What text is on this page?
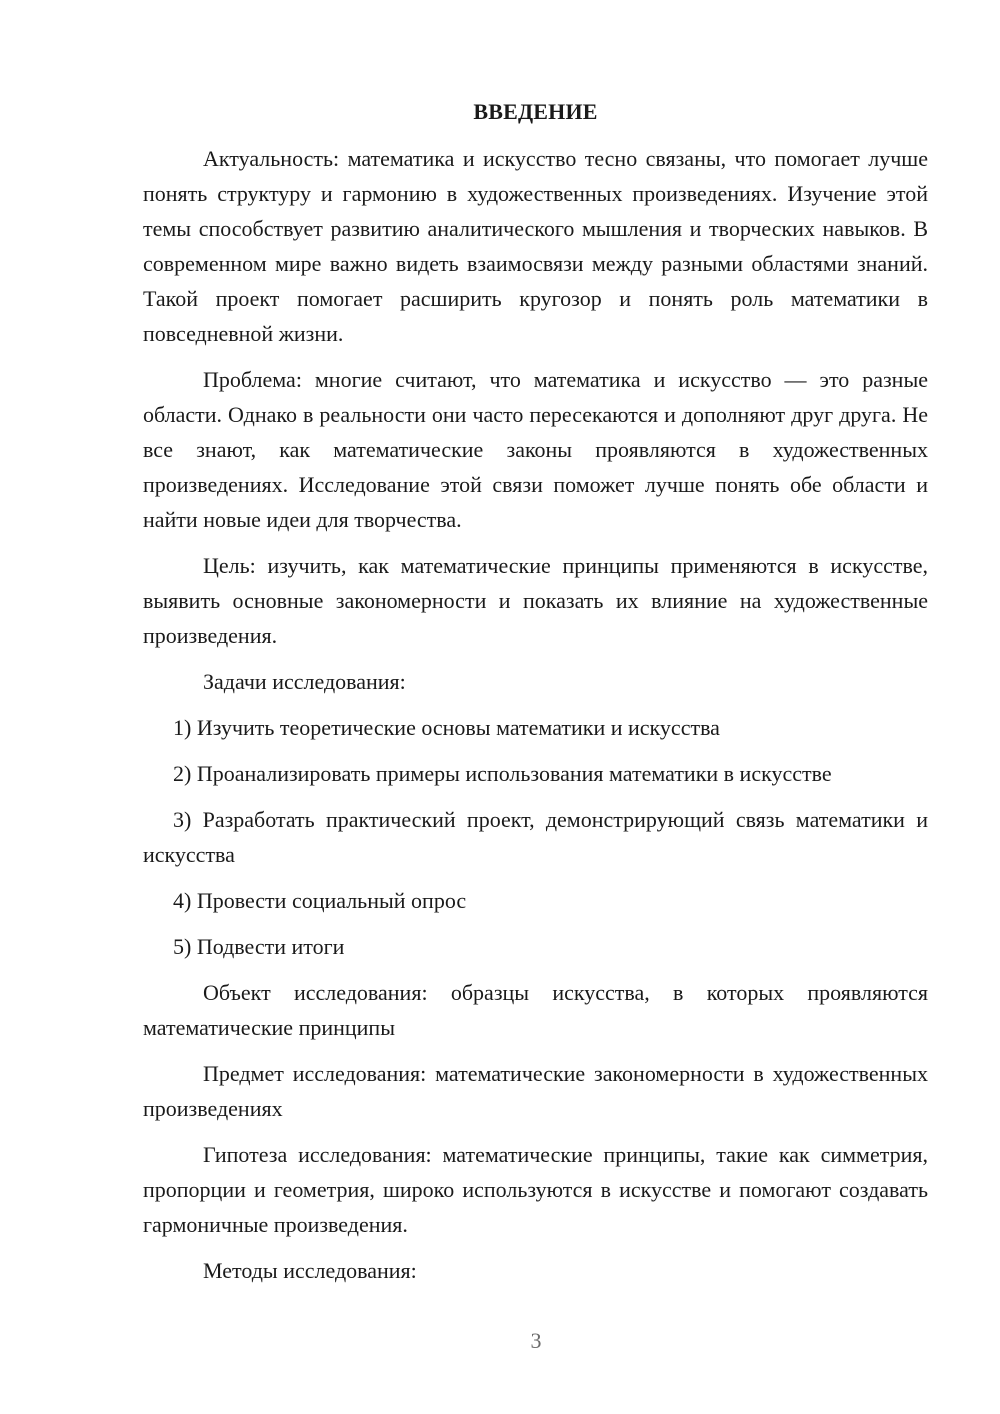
ВВЕДЕНИЕ

Актуальность: математика и искусство тесно связаны, что помогает лучше понять структуру и гармонию в художественных произведениях. Изучение этой темы способствует развитию аналитического мышления и творческих навыков. В современном мире важно видеть взаимосвязи между разными областями знаний. Такой проект помогает расширить кругозор и понять роль математики в повседневной жизни.

Проблема: многие считают, что математика и искусство — это разные области. Однако в реальности они часто пересекаются и дополняют друг друга. Не все знают, как математические законы проявляются в художественных произведениях. Исследование этой связи поможет лучше понять обе области и найти новые идеи для творчества.

Цель: изучить, как математические принципы применяются в искусстве, выявить основные закономерности и показать их влияние на художественные произведения.

Задачи исследования:

1) Изучить теоретические основы математики и искусства

2) Проанализировать примеры использования математики в искусстве

3) Разработать практический проект, демонстрирующий связь математики и искусства

4) Провести социальный опрос

5) Подвести итоги

Объект исследования: образцы искусства, в которых проявляются математические принципы

Предмет исследования: математические закономерности в художественных произведениях

Гипотеза исследования: математические принципы, такие как симметрия, пропорции и геометрия, широко используются в искусстве и помогают создавать гармоничные произведения.

Методы исследования:

3
